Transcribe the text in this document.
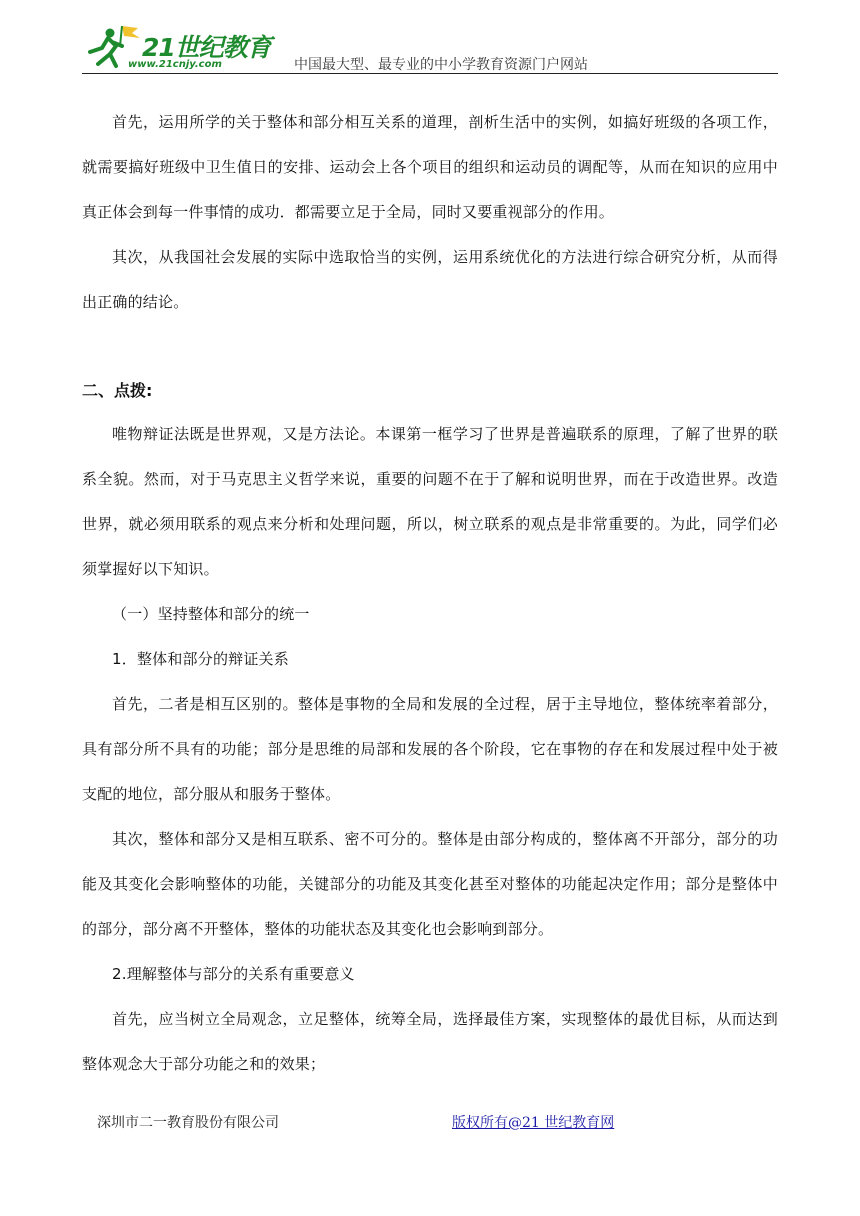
21世纪教育
www.21cnjy.com	中国最大型、最专业的中小学教育资源门户网站

首先，运用所学的关于整体和部分相互关系的道理，剖析生活中的实例，如搞好班级的各项工作，就需要搞好班级中卫生值日的安排、运动会上各个项目的组织和运动员的调配等，从而在知识的应用中真正体会到每一件事情的成功．都需要立足于全局，同时又要重视部分的作用。

其次，从我国社会发展的实际中选取恰当的实例，运用系统优化的方法进行综合研究分析，从而得出正确的结论。

二、点拨:

唯物辩证法既是世界观，又是方法论。本课第一框学习了世界是普遍联系的原理，了解了世界的联系全貌。然而，对于马克思主义哲学来说，重要的问题不在于了解和说明世界，而在于改造世界。改造世界，就必须用联系的观点来分析和处理问题，所以，树立联系的观点是非常重要的。为此，同学们必须掌握好以下知识。

（一）坚持整体和部分的统一

1．整体和部分的辩证关系

首先，二者是相互区别的。整体是事物的全局和发展的全过程，居于主导地位，整体统率着部分，具有部分所不具有的功能；部分是思维的局部和发展的各个阶段，它在事物的存在和发展过程中处于被支配的地位，部分服从和服务于整体。

其次，整体和部分又是相互联系、密不可分的。整体是由部分构成的，整体离不开部分，部分的功能及其变化会影响整体的功能，关键部分的功能及其变化甚至对整体的功能起决定作用；部分是整体中的部分，部分离不开整体，整体的功能状态及其变化也会影响到部分。

2.理解整体与部分的关系有重要意义

首先，应当树立全局观念，立足整体，统筹全局，选择最佳方案，实现整体的最优目标，从而达到整体观念大于部分功能之和的效果；

深圳市二一教育股份有限公司	版权所有@21 世纪教育网
